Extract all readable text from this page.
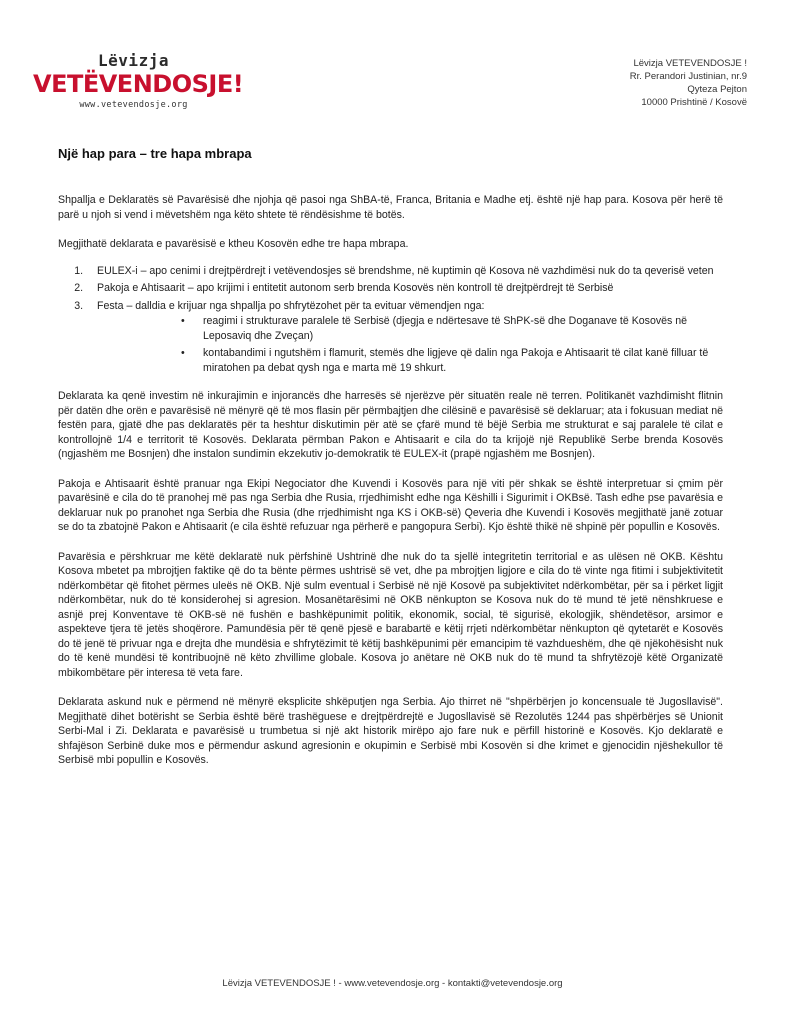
Lëvizja
VETËVENDOSJE!
www.vetevendosje.org
Lëvizja VETEVENDOSJE !
Rr. Perandori Justinian, nr.9
Qyteza Pejton
10000 Prishtinë / Kosovë
Një hap para – tre hapa mbrapa

Shpallja e Deklaratës së Pavarësisë dhe njohja që pasoi nga ShBA-të, Franca, Britania e Madhe etj. është një hap para. Kosova për herë të parë u njoh si vend i mëvetshëm nga këto shtete të rëndësishme të botës.

Megjithatë deklarata e pavarësisë e ktheu Kosovën edhe tre hapa mbrapa.

1. EULEX-i – apo cenimi i drejtpërdrejt i vetëvendosjes së brendshme, në kuptimin që Kosova në vazhdimësi nuk do ta qeverisë veten
2. Pakoja e Ahtisaarit – apo krijimi i entitetit autonom serb brenda Kosovës nën kontroll të drejtpërdrejt të Serbisë
3. Festa – dalldia e krijuar nga shpallja po shfrytëzohet për ta evituar vëmendjen nga:
• reagimi i strukturave paralele të Serbisë (djegja e ndërtesave të ShPK-së dhe Doganave të Kosovës në Leposaviq dhe Zveçan)
• kontabandimi i ngutshëm i flamurit, stemës dhe ligjeve që dalin nga Pakoja e Ahtisaarit të cilat kanë filluar të miratohen pa debat qysh nga e marta më 19 shkurt.

Deklarata ka qenë investim në inkurajimin e injorancës dhe harresës së njerëzve për situatën reale në terren. Politikanët vazhdimisht flitnin për datën dhe orën e pavarësisë në mënyrë që të mos flasin për përmbajtjen dhe cilësinë e pavarësisë së deklaruar; ata i fokusuan mediat në festën para, gjatë dhe pas deklaratës për ta heshtur diskutimin për atë se çfarë mund të bëjë Serbia me strukturat e saj paralele të cilat e kontrollojnë 1/4 e territorit të Kosovës. Deklarata përmban Pakon e Ahtisaarit e cila do ta krijojë një Republikë Serbe brenda Kosovës (ngjashëm me Bosnjen) dhe instalon sundimin ekzekutiv jo-demokratik të EULEX-it (prapë ngjashëm me Bosnjen).

Pakoja e Ahtisaarit është pranuar nga Ekipi Negociator dhe Kuvendi i Kosovës para një viti për shkak se është interpretuar si çmim për pavarësinë e cila do të pranohej më pas nga Serbia dhe Rusia, rrjedhimisht edhe nga Këshilli i Sigurimit i OKBsë. Tash edhe pse pavarësia e deklaruar nuk po pranohet nga Serbia dhe Rusia (dhe rrjedhimisht nga KS i OKB-së) Qeveria dhe Kuvendi i Kosovës megjithatë janë zotuar se do ta zbatojnë Pakon e Ahtisaarit (e cila është refuzuar nga përherë e pangopura Serbi). Kjo është thikë në shpinë për popullin e Kosovës.

Pavarësia e përshkruar me këtë deklaratë nuk përfshinë Ushtrinë dhe nuk do ta sjellë integritetin territorial e as ulësen në OKB. Kështu Kosova mbetet pa mbrojtjen faktike që do ta bënte përmes ushtrisë së vet, dhe pa mbrojtjen ligjore e cila do të vinte nga fitimi i subjektivitetit ndërkombëtar që fitohet përmes uleës në OKB. Një sulm eventual i Serbisë në një Kosovë pa subjektivitet ndërkombëtar, për sa i përket ligjit ndërkombëtar, nuk do të konsiderohej si agresion. Mosanëtarësimi në OKB nënkupton se Kosova nuk do të mund të jetë nënshkruese e asnjë prej Konventave të OKB-së në fushën e bashkëpunimit politik, ekonomik, social, të sigurisë, ekologjik, shëndetësor, arsimor e aspekteve tjera të jetës shoqërore. Pamundësia për të qenë pjesë e barabartë e këtij rrjeti ndërkombëtar nënkupton që qytetarët e Kosovës do të jenë të privuar nga e drejta dhe mundësia e shfrytëzimit të këtij bashkëpunimi për emancipim të vazhdueshëm, dhe që njëkohësisht nuk do të kenë mundësi të kontribuojnë në këto zhvillime globale. Kosova jo anëtare në OKB nuk do të mund ta shfrytëzojë këtë Organizatë mbikombëtare për interesa të veta fare.

Deklarata askund nuk e përmend në mënyrë eksplicite shkëputjen nga Serbia. Ajo thirret në "shpërbërjen jo koncensuale të Jugosllavisë". Megjithatë dihet botërisht se Serbia është bërë trashëguese e drejtpërdrejtë e Jugosllavisë së Rezolutës 1244 pas shpërbërjes së Unionit Serbi-Mal i Zi. Deklarata e pavarësisë u trumbetua si një akt historik mirëpo ajo fare nuk e përfill historinë e Kosovës. Kjo deklaratë e shfajëson Serbinë duke mos e përmendur askund agresionin e okupimin e Serbisë mbi Kosovën si dhe krimet e gjenocidin njëshekullor të Serbisë mbi popullin e Kosovës.

Lëvizja VETEVENDOSJE ! - www.vetevendosje.org - kontakti@vetevendosje.org
